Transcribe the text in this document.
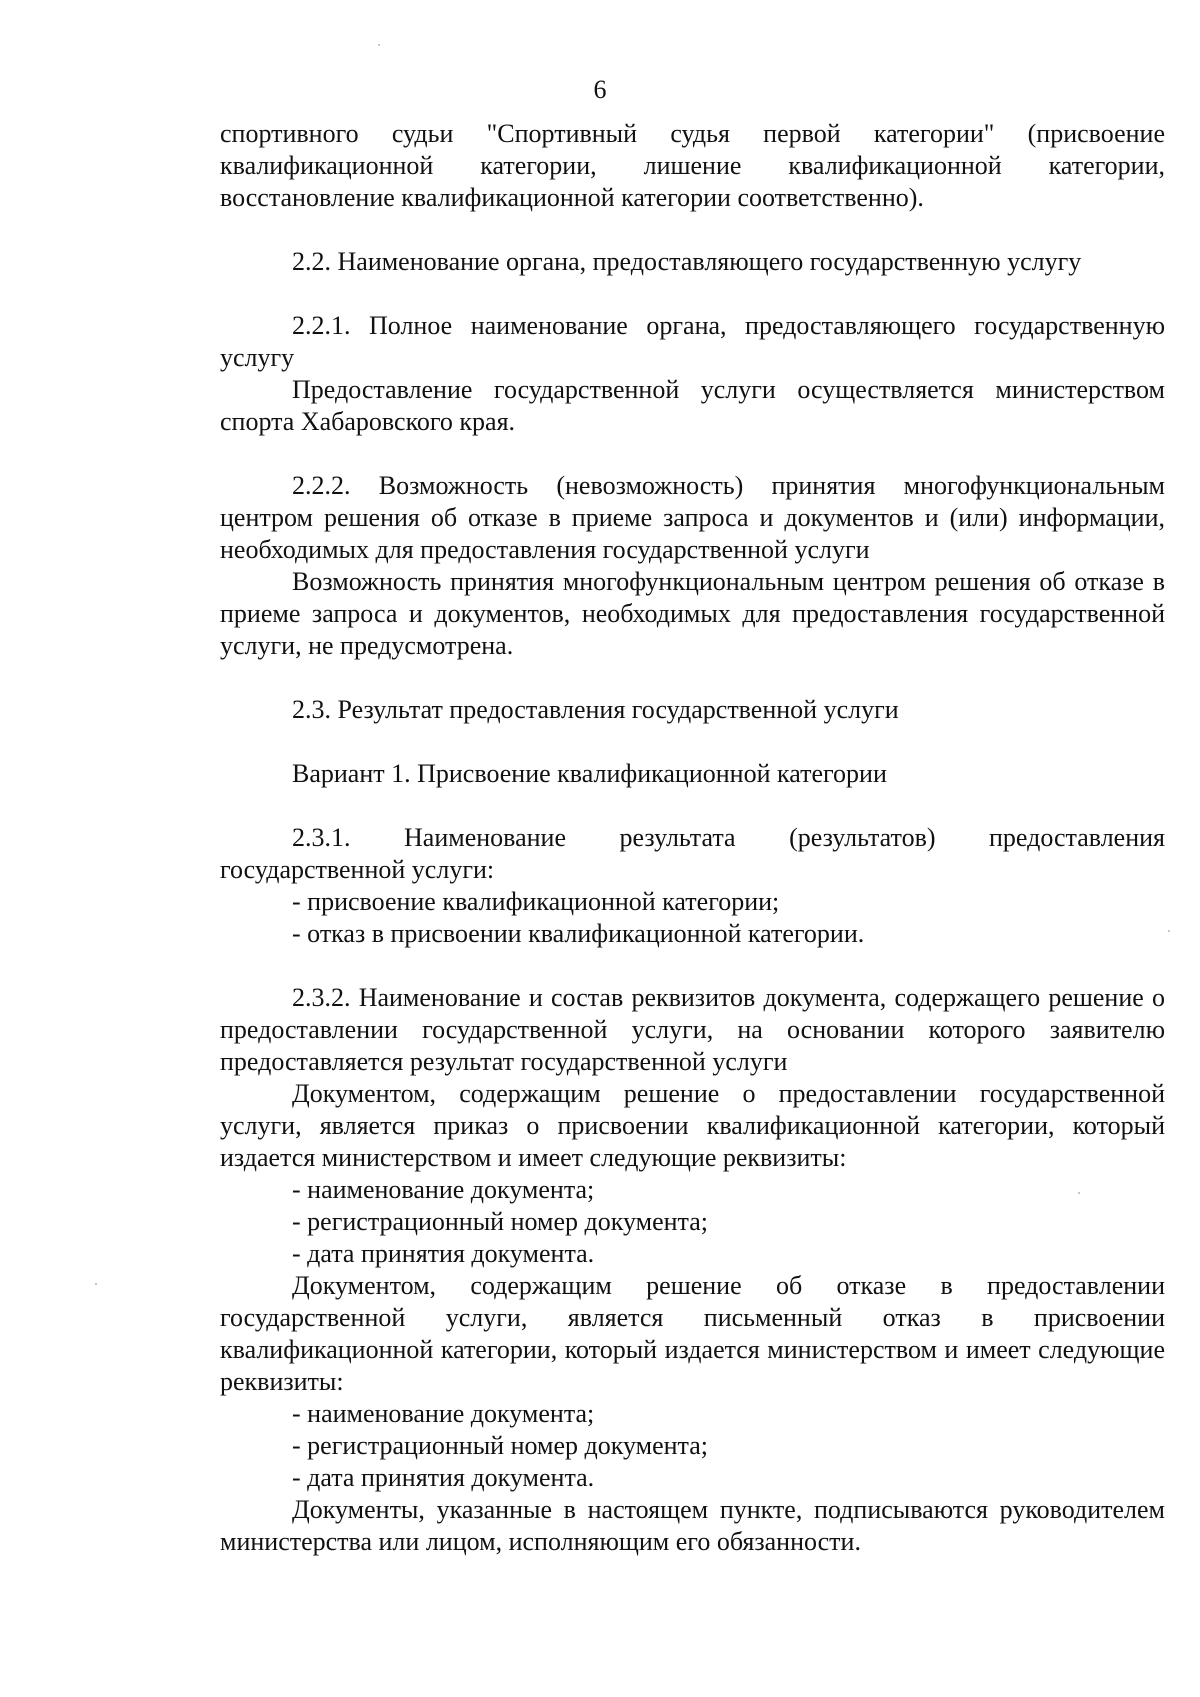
6

спортивного судьи "Спортивный судья первой категории" (присвоение квалификационной категории, лишение квалификационной категории, восстановление квалификационной категории соответственно).

2.2. Наименование органа, предоставляющего государственную услугу

2.2.1. Полное наименование органа, предоставляющего государственную услугу

Предоставление государственной услуги осуществляется министерством спорта Хабаровского края.

2.2.2. Возможность (невозможность) принятия многофункциональным центром решения об отказе в приеме запроса и документов и (или) информации, необходимых для предоставления государственной услуги

Возможность принятия многофункциональным центром решения об отказе в приеме запроса и документов, необходимых для предоставления государственной услуги, не предусмотрена.

2.3. Результат предоставления государственной услуги

Вариант 1. Присвоение квалификационной категории

2.3.1. Наименование результата (результатов) предоставления государственной услуги:

- присвоение квалификационной категории;

- отказ в присвоении квалификационной категории.

2.3.2. Наименование и состав реквизитов документа, содержащего решение о предоставлении государственной услуги, на основании которого заявителю предоставляется результат государственной услуги

Документом, содержащим решение о предоставлении государственной услуги, является приказ о присвоении квалификационной категории, который издается министерством и имеет следующие реквизиты:

- наименование документа;

- регистрационный номер документа;

- дата принятия документа.

Документом, содержащим решение об отказе в предоставлении государственной услуги, является письменный отказ в присвоении квалификационной категории, который издается министерством и имеет следующие реквизиты:

- наименование документа;

- регистрационный номер документа;

- дата принятия документа.

Документы, указанные в настоящем пункте, подписываются руководителем министерства или лицом, исполняющим его обязанности.
